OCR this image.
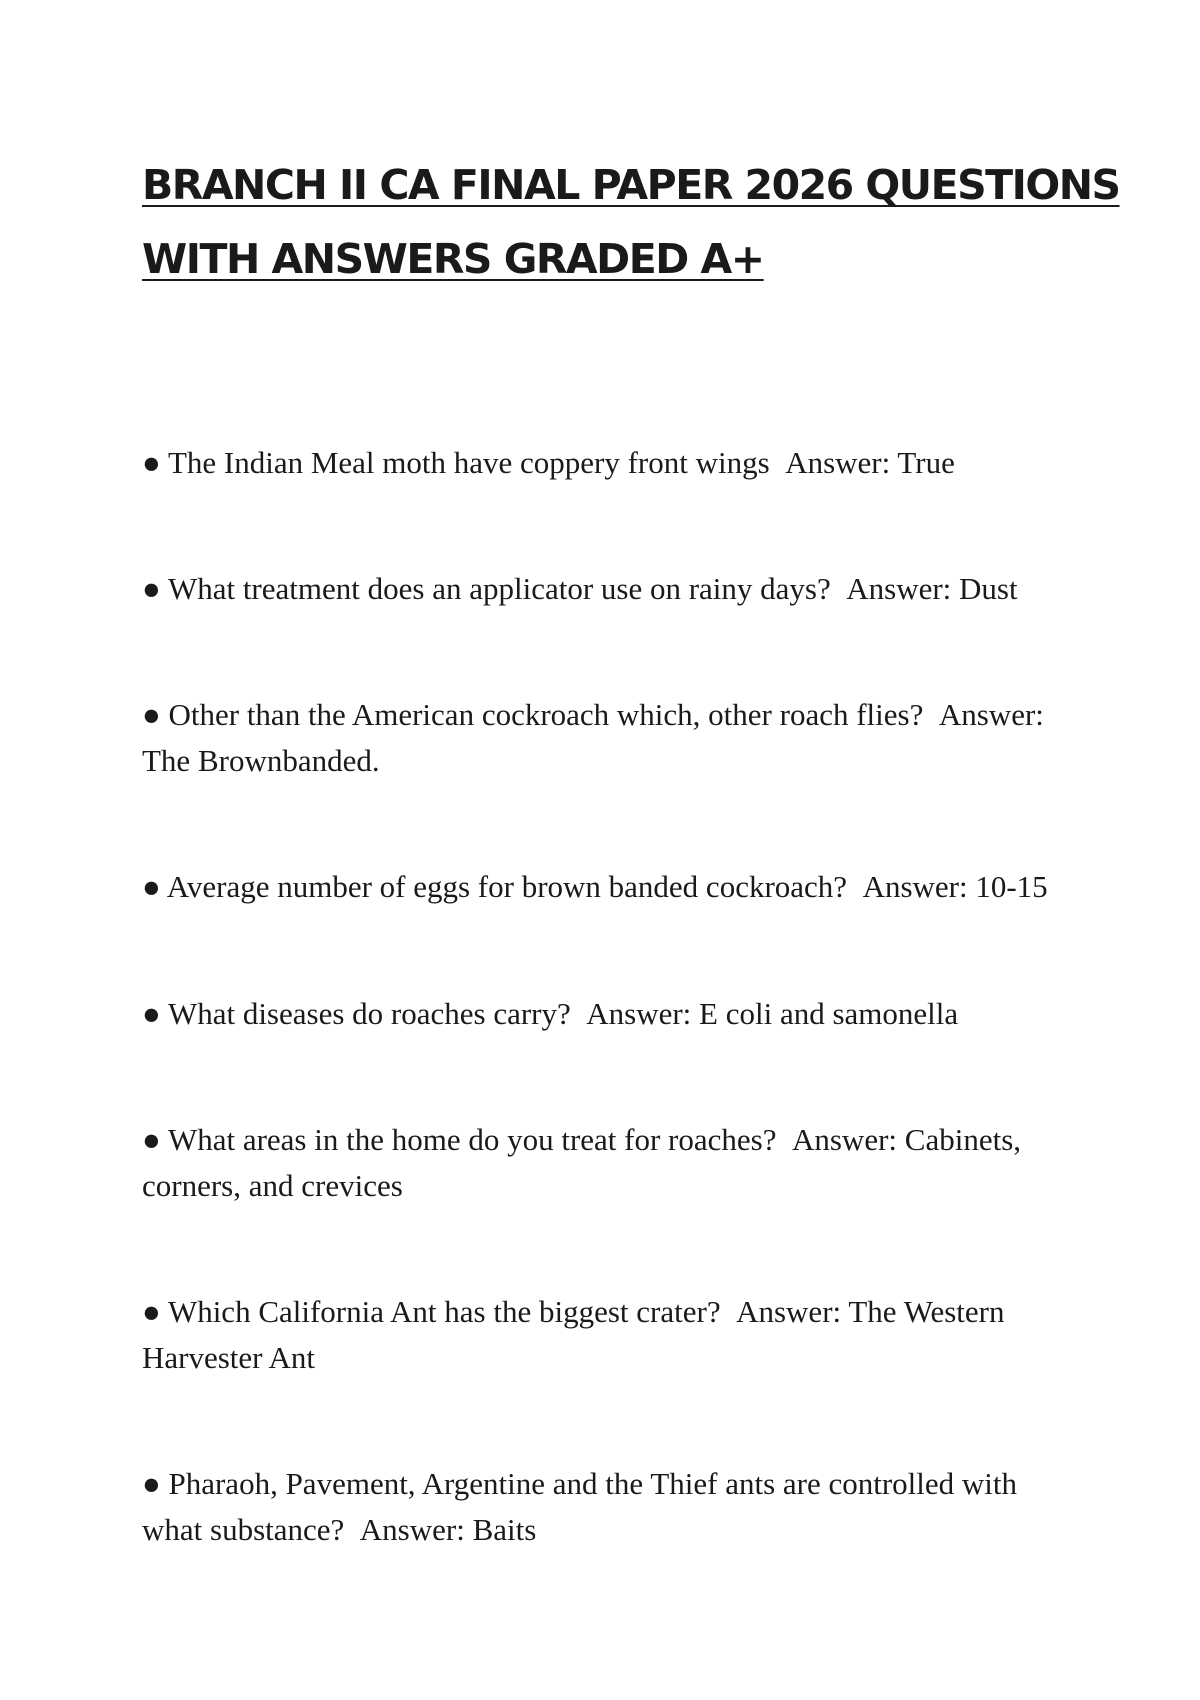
BRANCH II CA FINAL PAPER 2026 QUESTIONS
WITH ANSWERS GRADED A+
● The Indian Meal moth have coppery front wings Answer: True
● What treatment does an applicator use on rainy days? Answer: Dust
● Other than the American cockroach which, other roach flies? Answer: The Brownbanded.
● Average number of eggs for brown banded cockroach? Answer: 10-15
● What diseases do roaches carry? Answer: E coli and samonella
● What areas in the home do you treat for roaches? Answer: Cabinets, corners, and crevices
● Which California Ant has the biggest crater? Answer: The Western Harvester Ant
● Pharaoh, Pavement, Argentine and the Thief ants are controlled with what substance? Answer: Baits
